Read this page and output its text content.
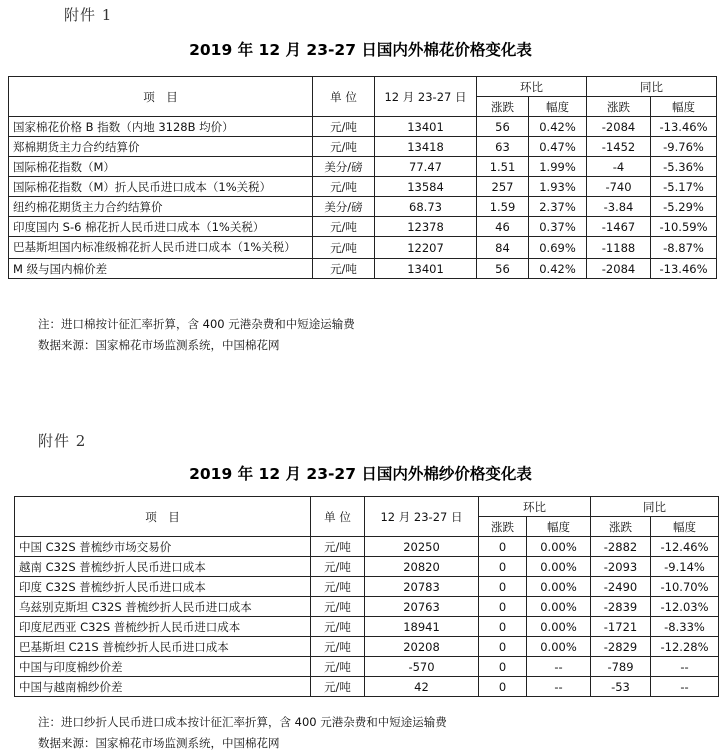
附件 1
2019 年 12 月 23-27 日国内外棉花价格变化表
项　目	单 位	12 月 23-27 日	环比		同比	
			涨跌	幅度	涨跌	幅度
国家棉花价格 B 指数（内地 3128B 均价）	元/吨	13401	56	0.42%	-2084	-13.46%
郑棉期货主力合约结算价	元/吨	13418	63	0.47%	-1452	-9.76%
国际棉花指数（M）	美分/磅	77.47	1.51	1.99%	-4	-5.36%
国际棉花指数（M）折人民币进口成本（1%关税）	元/吨	13584	257	1.93%	-740	-5.17%
纽约棉花期货主力合约结算价	美分/磅	68.73	1.59	2.37%	-3.84	-5.29%
印度国内 S-6 棉花折人民币进口成本（1%关税）	元/吨	12378	46	0.37%	-1467	-10.59%
巴基斯坦国内标准级棉花折人民币进口成本（1%关税）	元/吨	12207	84	0.69%	-1188	-8.87%
M 级与国内棉价差	元/吨	13401	56	0.42%	-2084	-13.46%
注：进口棉按计征汇率折算，含 400 元港杂费和中短途运输费
数据来源：国家棉花市场监测系统，中国棉花网
附件 2
2019 年 12 月 23-27 日国内外棉纱价格变化表
项　目	单 位	12 月 23-27 日	环比		同比	
			涨跌	幅度	涨跌	幅度
中国 C32S 普梳纱市场交易价	元/吨	20250	0	0.00%	-2882	-12.46%
越南 C32S 普梳纱折人民币进口成本	元/吨	20820	0	0.00%	-2093	-9.14%
印度 C32S 普梳纱折人民币进口成本	元/吨	20783	0	0.00%	-2490	-10.70%
乌兹别克斯坦 C32S 普梳纱折人民币进口成本	元/吨	20763	0	0.00%	-2839	-12.03%
印度尼西亚 C32S 普梳纱折人民币进口成本	元/吨	18941	0	0.00%	-1721	-8.33%
巴基斯坦 C21S 普梳纱折人民币进口成本	元/吨	20208	0	0.00%	-2829	-12.28%
中国与印度棉纱价差	元/吨	-570	0	--	-789	--
中国与越南棉纱价差	元/吨	42	0	--	-53	--
注：进口纱折人民币进口成本按计征汇率折算，含 400 元港杂费和中短途运输费
数据来源：国家棉花市场监测系统，中国棉花网
